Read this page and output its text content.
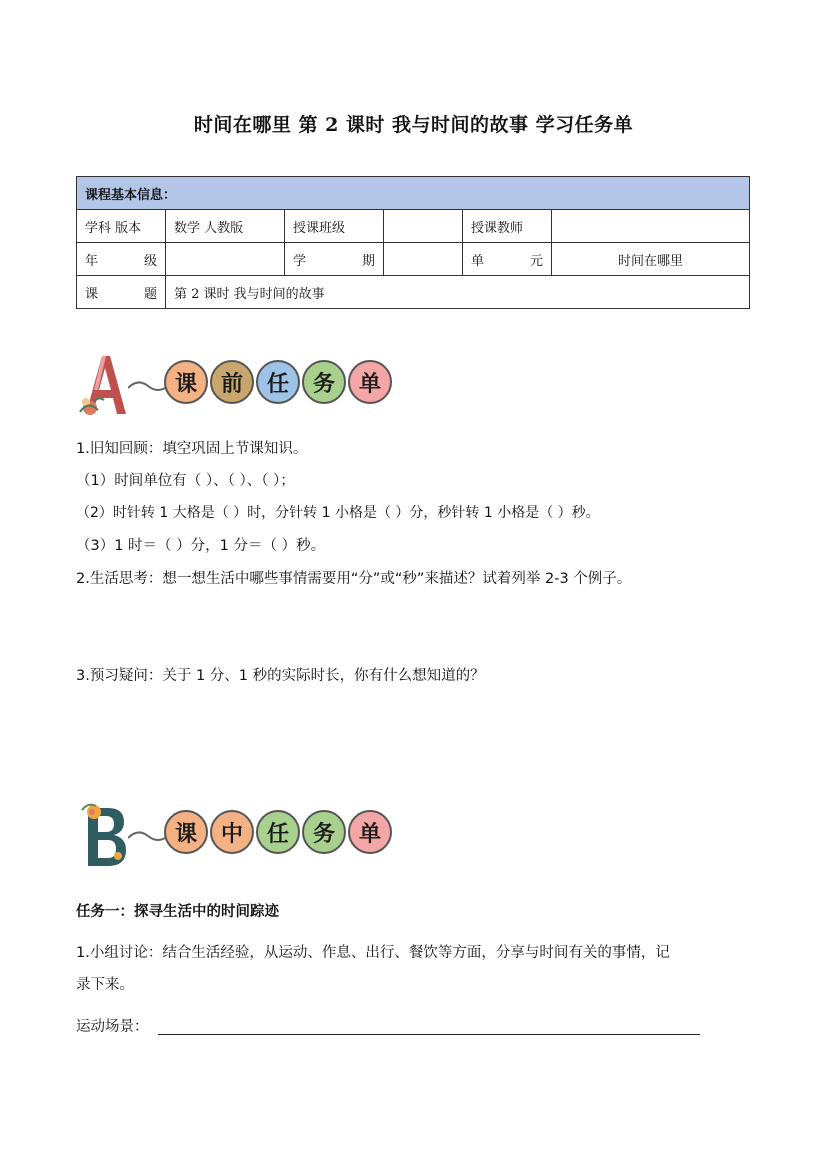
时间在哪里 第 2 课时 我与时间的故事 学习任务单
课程基本信息：					
学科 版本	数学 人教版	授课班级		授课教师	

年 级		学 期		单 元	时间在哪里

课 题	第 2 课时 我与时间的故事				
课	前	任	务	单
1.旧知回顾：填空巩固上节课知识。
（1）时间单位有（ ）、（ ）、（ ）；
（2）时针转 1 大格是（ ）时，分针转 1 小格是（ ）分，秒针转 1 小格是（ ）秒。
（3）1 时＝（ ）分，1 分＝（ ）秒。
2.生活思考：想一想生活中哪些事情需要用“分”或“秒”来描述？试着列举 2-3 个例子。
3.预习疑问：关于 1 分、1 秒的实际时长，你有什么想知道的？
课	中	任	务	单
任务一：探寻生活中的时间踪迹
1.小组讨论：结合生活经验，从运动、作息、出行、餐饮等方面，分享与时间有关的事情，记
录下来。
运动场景：
